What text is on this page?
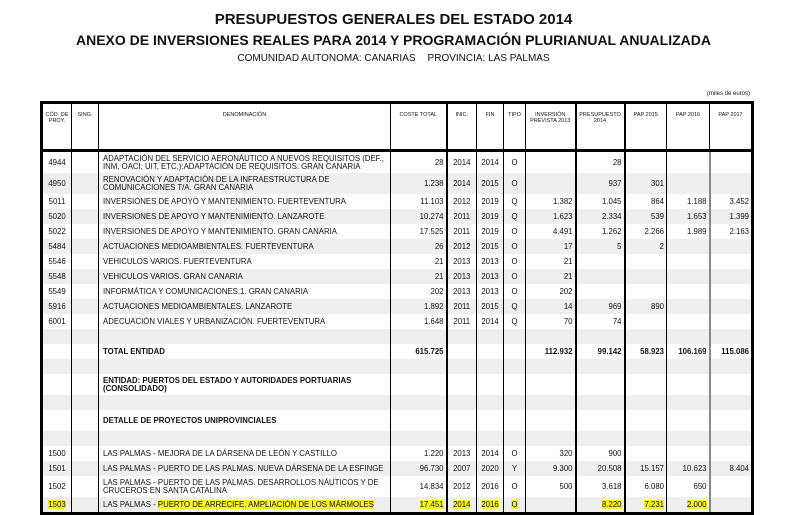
PRESUPUESTOS GENERALES DEL ESTADO 2014
ANEXO DE INVERSIONES REALES PARA 2014 Y PROGRAMACIÓN PLURIANUAL ANUALIZADA
COMUNIDAD AUTONOMA: CANARIAS PROVINCIA: LAS PALMAS
(miles de euros)
CÓD. DE PROY.	SING.	DENOMINACIÓN	COSTE TOTAL	INIC.	FIN	TIPO	INVERSIÓN PREVISTA 2013	PRESUPUESTO 2014	PAP 2015	PAP 2016	PAP 2017
4944		ADAPTACIÓN DEL SERVICIO AERONÁUTICO A NUEVOS REQUISITOS (DEF., INM, OACI, UIT, ETC.):ADAPTACIÓN DE REQUISITOS. GRAN CANARIA	28	2014	2014	O		28			
4950		RENOVACIÓN Y ADAPTACIÓN DE LA INFRAESTRUCTURA DE COMUNICACIONES T/A. GRAN CANARIA	1.238	2014	2015	O		937	301		
5011		INVERSIONES DE APOYO Y MANTENIMIENTO. FUERTEVENTURA	11.103	2012	2019	Q	1.382	1.045	864	1.188	3.452
5020		INVERSIONES DE APOYO Y MANTENIMIENTO. LANZAROTE	10.274	2011	2019	Q	1.623	2.334	539	1.653	1.399
5022		INVERSIONES DE APOYO Y MANTENIMIENTO. GRAN CANARIA	17.525	2011	2019	O	4.491	1.262	2.266	1.989	2.163
5484		ACTUACIONES MEDIOAMBIENTALES. FUERTEVENTURA	26	2012	2015	O	17	5	2		
5546		VEHICULOS VARIOS. FUERTEVENTURA	21	2013	2013	O	21				
5548		VEHICULOS VARIOS. GRAN CANARIA	21	2013	2013	O	21				
5549		INFORMÁTICA Y COMUNICACIONES.1. GRAN CANARIA	202	2013	2013	O	202				
5916		ACTUACIONES MEDIOAMBIENTALES. LANZAROTE	1.892	2011	2015	Q	14	969	890		
6001		ADECUACIÓN VIALES Y URBANIZACIÓN. FUERTEVENTURA	1.648	2011	2014	Q	70	74			

		TOTAL ENTIDAD	615.725				112.932	99.142	58.923	106.169	115.086

		ENTIDAD: PUERTOS DEL ESTADO Y AUTORIDADES PORTUARIAS (CONSOLIDADO)									

		DETALLE DE PROYECTOS UNIPROVINCIALES									

1500		LAS PALMAS - MEJORA DE LA DÁRSENA DE LEÓN Y CASTILLO	1.220	2013	2014	O	320	900			
1501		LAS PALMAS - PUERTO DE LAS PALMAS. NUEVA DÁRSENA DE LA ESFINGE	96.730	2007	2020	Y	9.300	20.508	15.157	10.623	8.404
1502		LAS PALMAS - PUERTO DE LAS PALMAS. DESARROLLOS NÁUTICOS Y DE CRUCEROS EN SANTA CATALINA	14.834	2012	2016	O	500	3.618	6.080	650	
1503		LAS PALMAS - PUERTO DE ARRECIFE. AMPLIACIÓN DE LOS MÁRMOLES	17.451	2014	2016	O		8.220	7.231	2.000	
